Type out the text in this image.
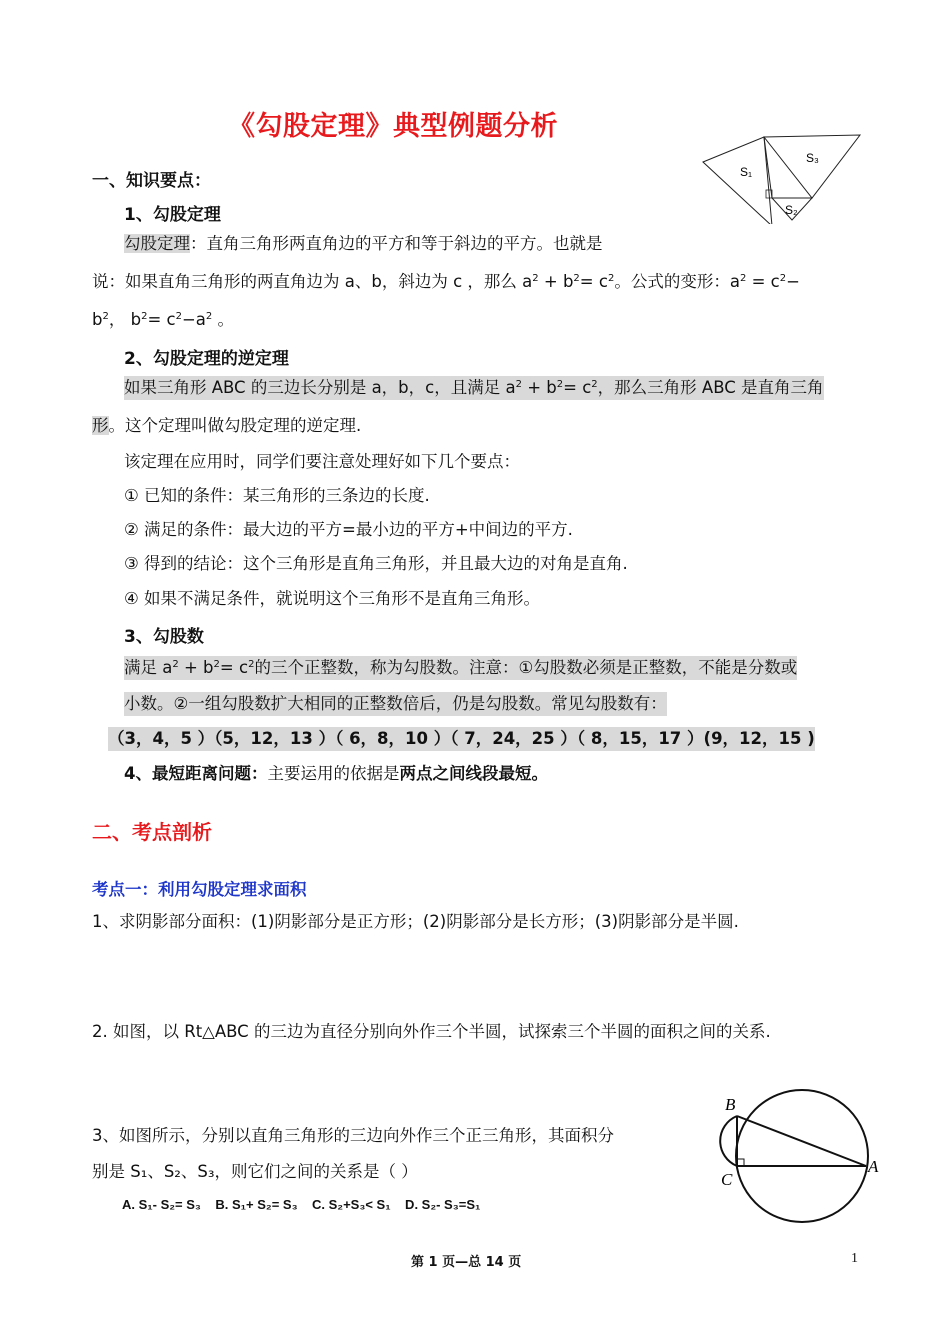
《勾股定理》典型例题分析
S₁
S₃
S₂
一、知识要点：
1、勾股定理
勾股定理：直角三角形两直角边的平方和等于斜边的平方。也就是
说：如果直角三角形的两直角边为 a、b，斜边为 c ，那么 $a^2 + b^2= c^2$。公式的变形：$a^2 = c^2-$
$b^2$， $b^2= c^2-a^2$ 。
2、勾股定理的逆定理
如果三角形 ABC 的三边长分别是 a，b，c，且满足 $a^2 + b^2= c^2$，那么三角形 ABC 是直角三角
形。这个定理叫做勾股定理的逆定理.
该定理在应用时，同学们要注意处理好如下几个要点：
① 已知的条件：某三角形的三条边的长度.
② 满足的条件：最大边的平方=最小边的平方+中间边的平方.
③ 得到的结论：这个三角形是直角三角形，并且最大边的对角是直角.
④ 如果不满足条件，就说明这个三角形不是直角三角形。
3、勾股数
满足 $a^2 + b^2= c^2$的三个正整数，称为勾股数。注意：①勾股数必须是正整数，不能是分数或
小数。②一组勾股数扩大相同的正整数倍后，仍是勾股数。常见勾股数有：
（3，4，5 ）（5，12，13 ）（ 6，8，10 ）（ 7，24，25 ）（ 8，15，17 ）(9，12，15 )
4、最短距离问题：主要运用的依据是两点之间线段最短。
二、考点剖析
考点一：利用勾股定理求面积
1、求阴影部分面积：(1)阴影部分是正方形；(2)阴影部分是长方形；(3)阴影部分是半圆.
2. 如图，以 Rt△ABC 的三边为直径分别向外作三个半圆，试探索三个半圆的面积之间的关系.
3、如图所示，分别以直角三角形的三边向外作三个正三角形，其面积分
别是 S₁、S₂、S₃，则它们之间的关系是（ ）
A. S₁- S₂= S₃    B. S₁+ S₂= S₃    C. S₂+S₃< S₁    D. S₂- S₃=S₁
B
C
A
第 1 页—总 14 页	1
